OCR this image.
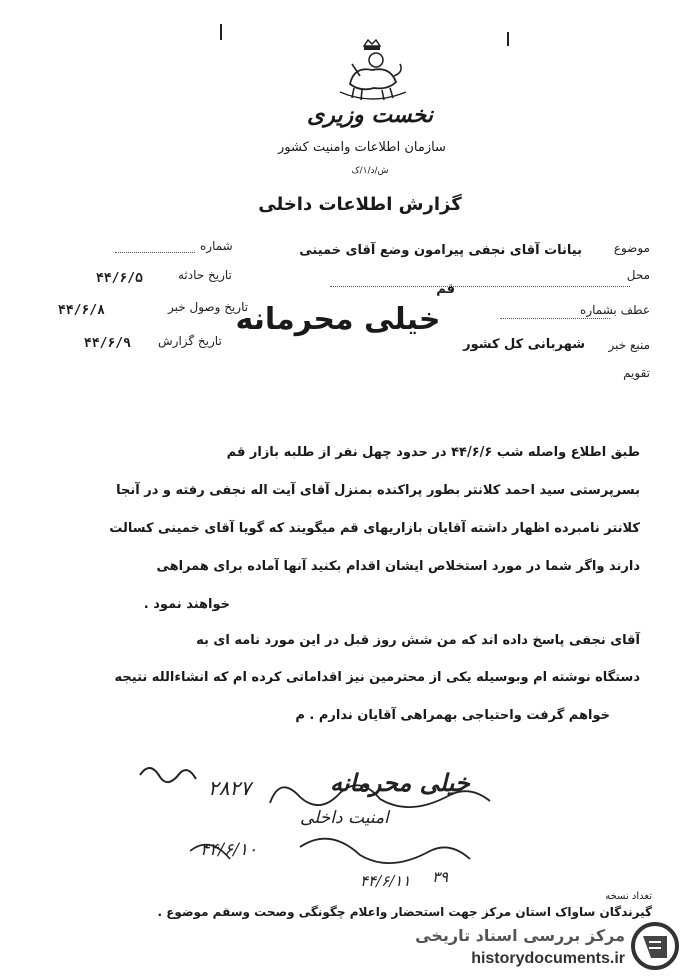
نخست وزیری
سازمان اطلاعات وامنیت کشور
ش/د/۱/ک
گزارش اطلاعات داخلی
موضوع
بیانات آقای نجفی پیرامون وضع آقای خمینی
محل
قم
عطف بشماره
منبع خبر
شهربانی کل کشور
تقویم
شماره
تاریخ حادثه
۴۴/۶/۵
تاریخ وصول خبر
۴۴/۶/۸
تاریخ گزارش
۴۴/۶/۹
خیلی محرمانه
طبق اطلاع واصله شب ۴۴/۶/۶ در حدود چهل نفر از طلبه بازار قم
بسرپرستی سید احمد کلانتر بطور پراکنده بمنزل آقای آیت اله نجفی رفته و در آنجا
کلانتر نامبرده اظهار داشته آقایان بازاریهای قم میگویند که گویا آقای خمینی کسالت
دارند واگر شما در مورد استخلاص ایشان اقدام بکنید آنها آماده برای همراهی
خواهند نمود .
آقای نجفی پاسخ داده اند که من شش روز قبل در این مورد نامه ای به
دستگاه نوشته ام وبوسیله یکی از محترمین نیز اقداماتی کرده ام که انشاءالله نتیجه
خواهم گرفت واحتیاجی بهمراهی آقایان ندارم . م
خیلی محرمانه
۲۸۲۷
امنیت داخلی
۴۴/۶/۱۰
۴۴/۶/۱۱ ۳۹
گیرندگان ساواک استان مرکز جهت استحضار واعلام چگونگی وصحت وسقم موضوع .
تعداد نسخه
مرکز بررسی اسناد تاریخی
historydocuments.ir
